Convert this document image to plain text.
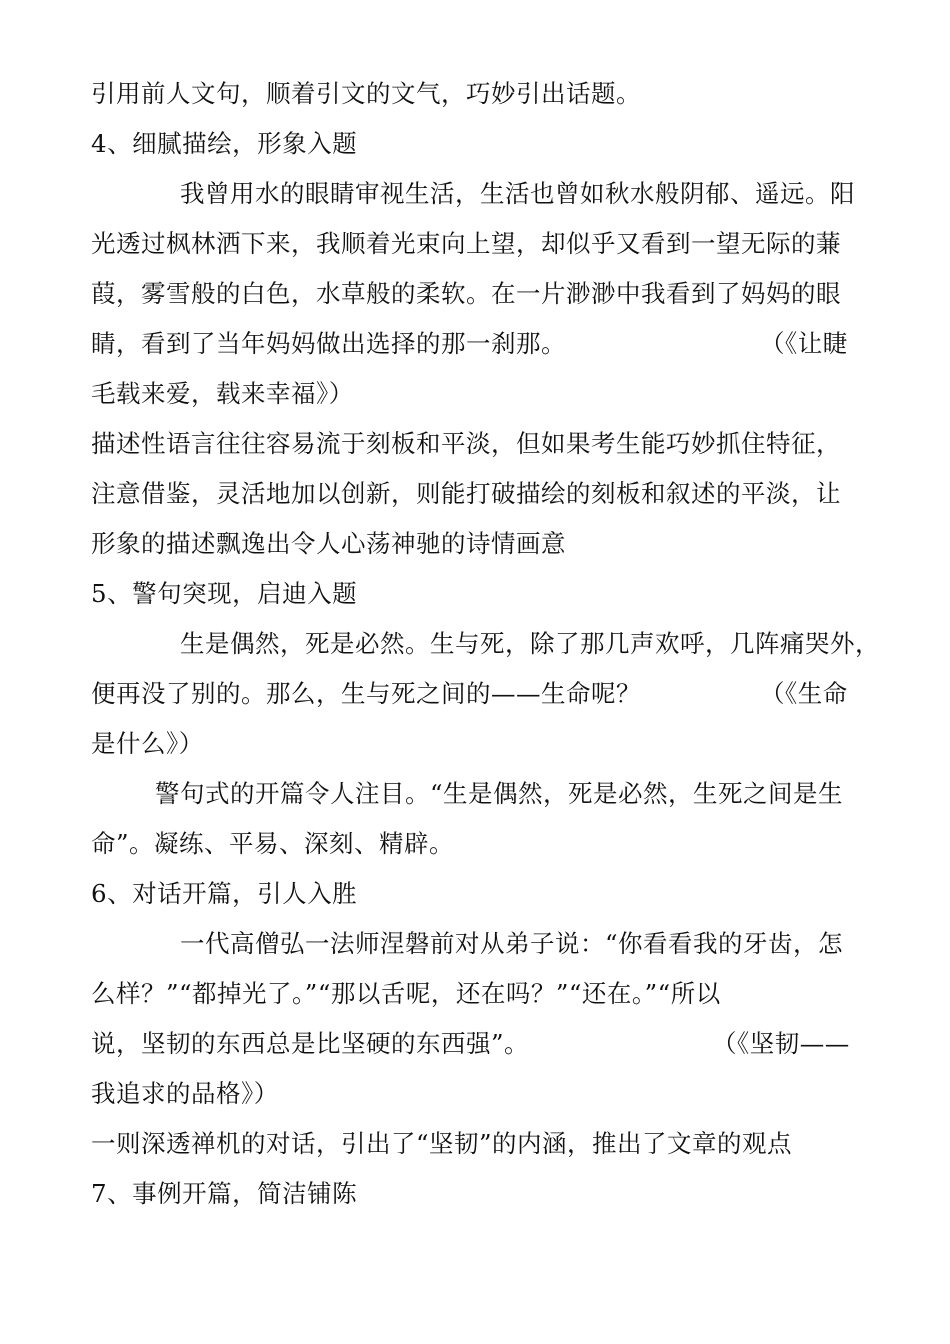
引用前人文句，顺着引文的文气，巧妙引出话题。
4、细腻描绘，形象入题
我曾用水的眼睛审视生活，生活也曾如秋水般阴郁、遥远。阳
光透过枫林洒下来，我顺着光束向上望，却似乎又看到一望无际的蒹
葭，雾雪般的白色，水草般的柔软。在一片渺渺中我看到了妈妈的眼
睛，看到了当年妈妈做出选择的那一刹那。	（《让睫
毛载来爱，载来幸福》）
描述性语言往往容易流于刻板和平淡，但如果考生能巧妙抓住特征，
注意借鉴，灵活地加以创新，则能打破描绘的刻板和叙述的平淡，让
形象的描述飘逸出令人心荡神驰的诗情画意
5、警句突现，启迪入题
生是偶然，死是必然。生与死，除了那几声欢呼，几阵痛哭外，
便再没了别的。那么，生与死之间的——生命呢？	（《生命
是什么》）
警句式的开篇令人注目。“生是偶然，死是必然，生死之间是生
命”。凝练、平易、深刻、精辟。
6、对话开篇，引人入胜
一代高僧弘一法师涅磐前对从弟子说：“你看看我的牙齿，怎
么样？”“都掉光了。”“那以舌呢，还在吗？”“还在。”“所以
说，坚韧的东西总是比坚硬的东西强”。	（《坚韧——
我追求的品格》）
一则深透禅机的对话，引出了“坚韧”的内涵，推出了文章的观点
7、事例开篇，简洁铺陈
